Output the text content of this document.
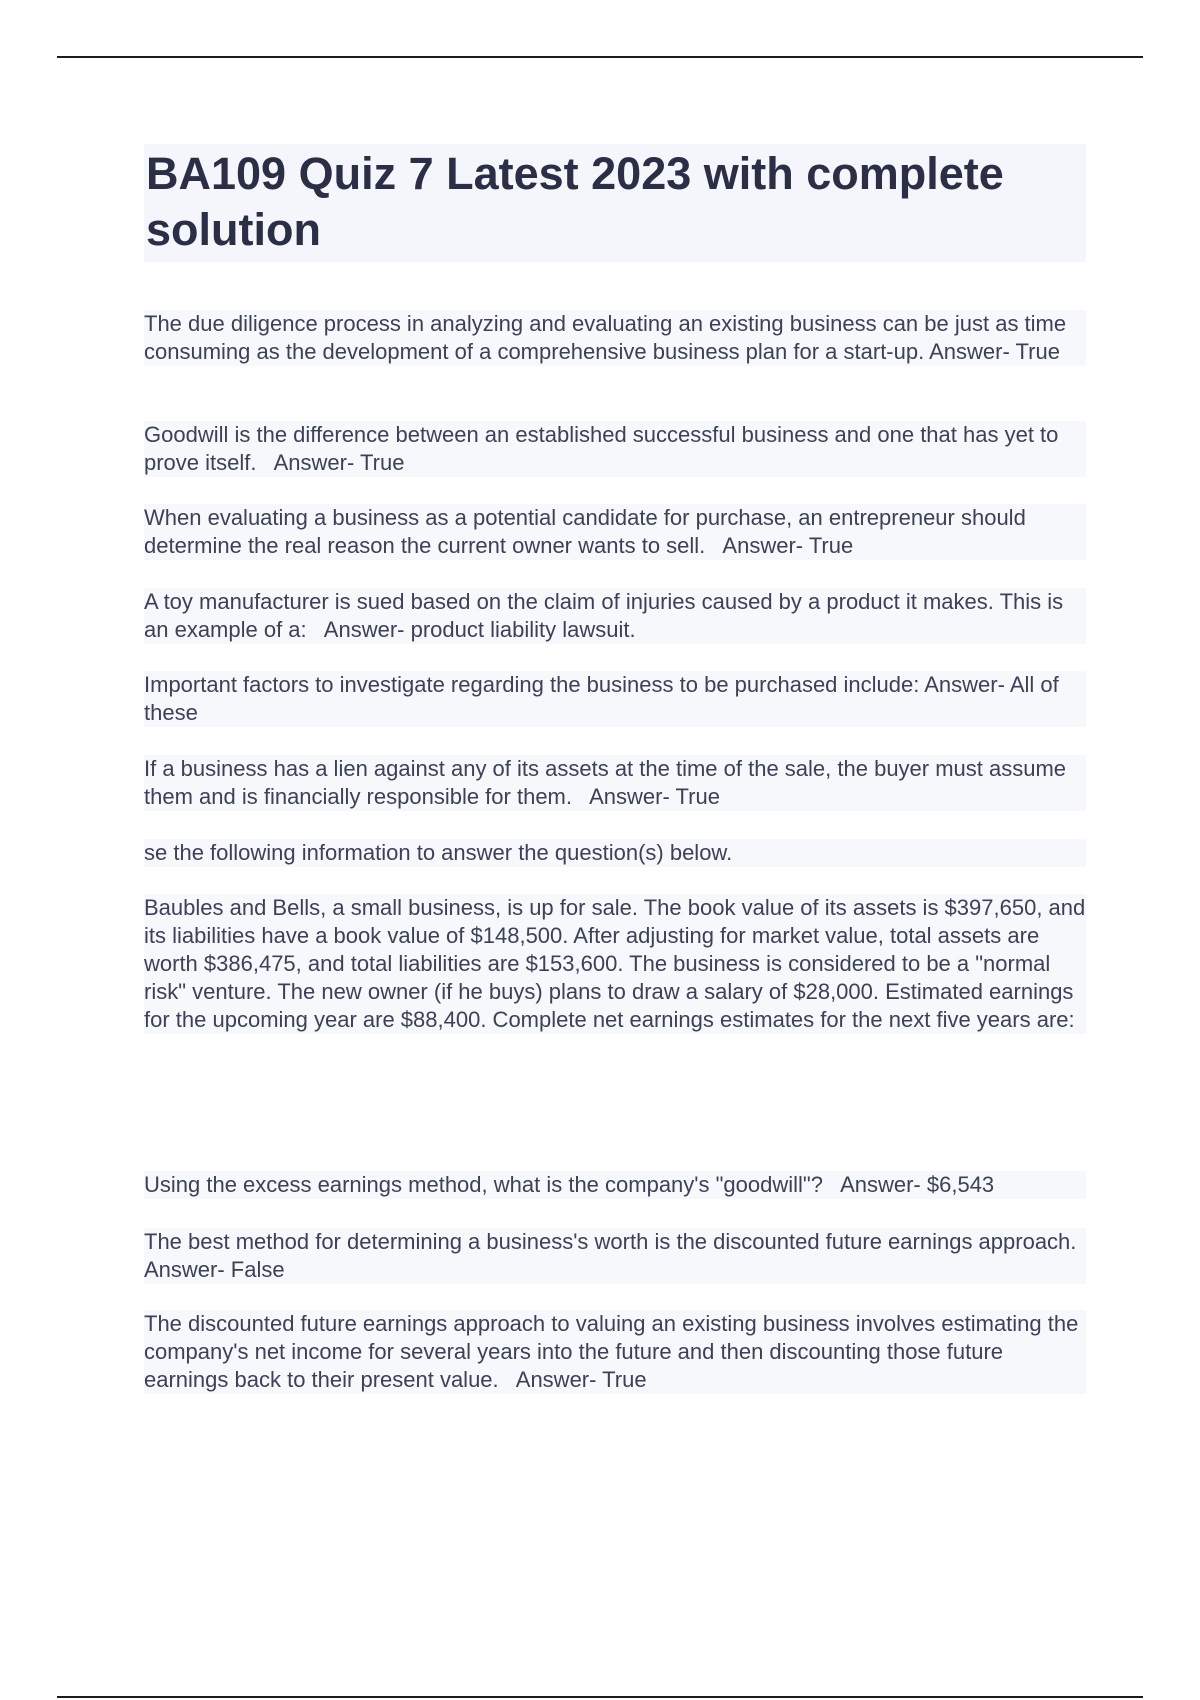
BA109 Quiz 7 Latest 2023 with complete solution

The due diligence process in analyzing and evaluating an existing business can be just as time consuming as the development of a comprehensive business plan for a start-up. Answer- True

Goodwill is the difference between an established successful business and one that has yet to prove itself.   Answer- True

When evaluating a business as a potential candidate for purchase, an entrepreneur should determine the real reason the current owner wants to sell.   Answer- True

A toy manufacturer is sued based on the claim of injuries caused by a product it makes. This is an example of a:   Answer- product liability lawsuit.

Important factors to investigate regarding the business to be purchased include: Answer- All of these

If a business has a lien against any of its assets at the time of the sale, the buyer must assume them and is financially responsible for them.   Answer- True

se the following information to answer the question(s) below.

Baubles and Bells, a small business, is up for sale. The book value of its assets is $397,650, and its liabilities have a book value of $148,500. After adjusting for market value, total assets are worth $386,475, and total liabilities are $153,600. The business is considered to be a "normal risk" venture. The new owner (if he buys) plans to draw a salary of $28,000. Estimated earnings for the upcoming year are $88,400. Complete net earnings estimates for the next five years are:

Using the excess earnings method, what is the company's "goodwill"?   Answer- $6,543

The best method for determining a business's worth is the discounted future earnings approach.   Answer- False

The discounted future earnings approach to valuing an existing business involves estimating the company's net income for several years into the future and then discounting those future earnings back to their present value.   Answer- True
